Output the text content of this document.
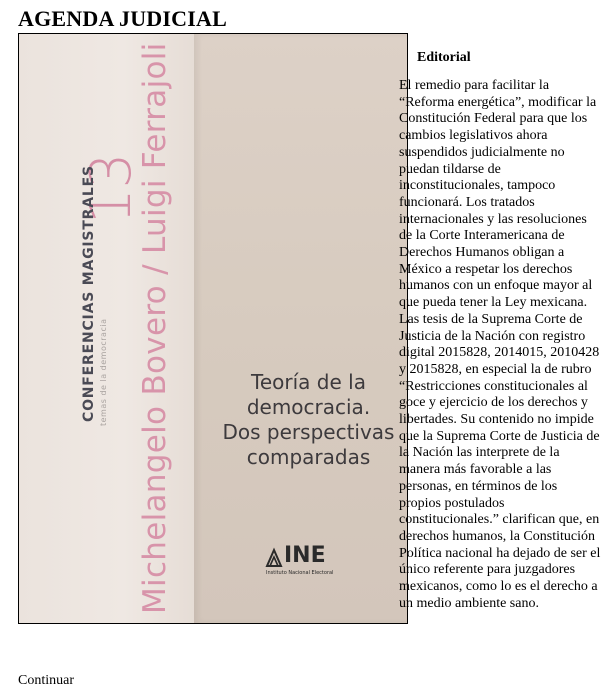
AGENDA JUDICIAL
13
CONFERENCIAS MAGISTRALES temas de la democracia Michelangelo Bovero / Luigi Ferrajoli	Teoría de la
democracia.
Dos perspectivas
comparadas
INE
Instituto Nacional Electoral
Editorial

El remedio para facilitar la “Reforma energética”, modificar la Constitución Federal para que los cambios legislativos ahora suspendidos judicialmente no puedan tildarse de inconstitucionales, tampoco funcionará. Los tratados internacionales y las resoluciones de la Corte Interamericana de Derechos Humanos obligan a México a respetar los derechos humanos con un enfoque mayor al que pueda tener la Ley mexicana. Las tesis de la Suprema Corte de Justicia de la Nación con registro digital 2015828, 2014015, 2010428 y 2015828, en especial la de rubro “Restricciones constitucionales al goce y ejercicio de los derechos y libertades. Su contenido no impide que la Suprema Corte de Justicia de la Nación las interprete de la manera más favorable a las personas, en términos de los propios postulados constitucionales.” clarifican que, en derechos humanos, la Constitución Política nacional ha dejado de ser el único referente para juzgadores mexicanos, como lo es el derecho a un medio ambiente sano.

Continuar
